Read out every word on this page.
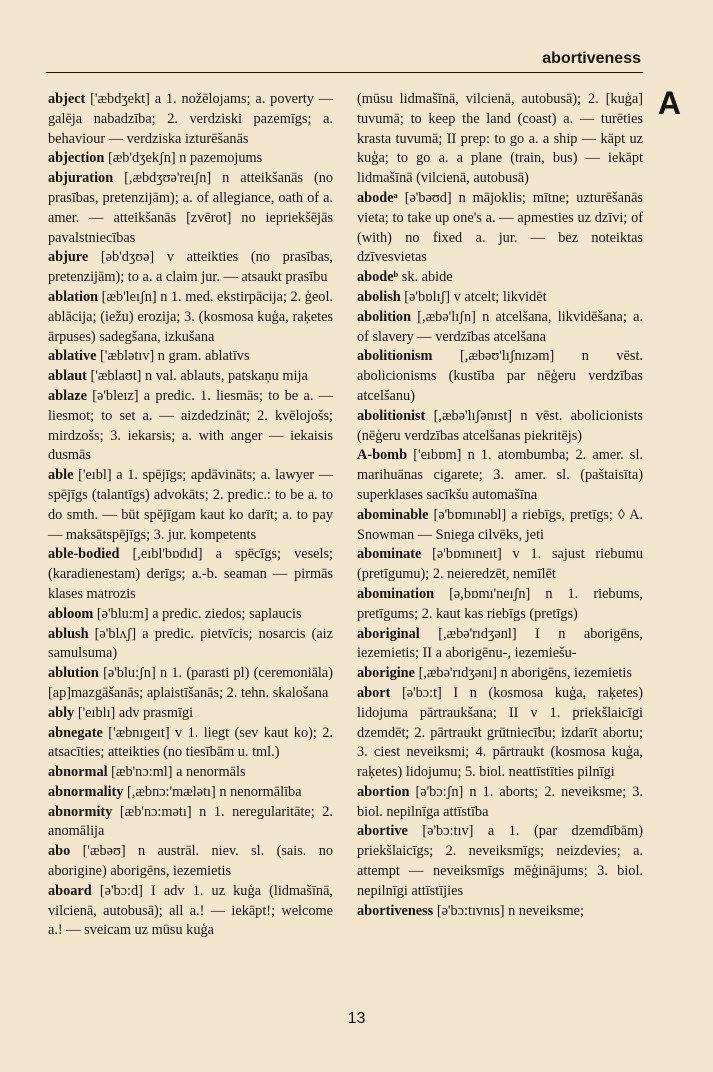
abortiveness
A

abject ['æbdʒekt] a 1. nožēlojams; a. poverty — galēja nabadzība; 2. verdziski pazemīgs; a. behaviour — verdziska izturēšanās

abjection [æb'dʒekʃn] n pazemojums

abjuration [,æbdʒʊə'reıʃn] n atteikšanās (no prasības, pretenzijām); a. of allegiance, oath of a. amer. — atteikšanās [zvērot] no iepriekšējās pavalstniecības

abjure [əb'dʒʊə] v atteikties (no prasības, pretenzijām); to a. a claim jur. — atsaukt prasību

ablation [æb'leıʃn] n 1. med. ekstirpācija; 2. ģeol. ablācija; (iežu) erozija; 3. (kosmosa kuģa, raķetes ārpuses) sadegšana, izkušana

ablative ['æblətıv] n gram. ablatīvs

ablaut ['æblaʊt] n val. ablauts, patskaņu mija

ablaze [ə'bleız] a predic. 1. liesmās; to be a. — liesmot; to set a. — aizdedzināt; 2. kvēlojošs; mirdzošs; 3. iekarsis; a. with anger — iekaisis dusmās

able ['eıbl] a 1. spējīgs; apdāvināts; a. lawyer — spējīgs (talantīgs) advokāts; 2. predic.: to be a. to do smth. — būt spējīgam kaut ko darīt; a. to pay — maksātspējīgs; 3. jur. kompetents

able-bodied [,eıbl'bɒdıd] a spēcīgs; vesels; (karadienestam) derīgs; a.-b. seaman — pirmās klases matrozis

abloom [ə'blu:m] a predic. ziedos; saplaucis

ablush [ə'blʌʃ] a predic. pietvīcis; nosarcis (aiz samulsuma)

ablution [ə'blu:ʃn] n 1. (parasti pl) (ceremoniāla) [ap]mazgāšanās; aplaistīšanās; 2. tehn. skalošana

ably ['eıblı] adv prasmīgi

abnegate ['æbnıgeıt] v 1. liegt (sev kaut ko); 2. atsacīties; atteikties (no tiesībām u. tml.)

abnormal [æb'nɔ:ml] a nenormāls

abnormality [,æbnɔ:'mælətı] n nenormālība

abnormity [æb'nɔ:mətı] n 1. neregularitāte; 2. anomālija

abo ['æbəʊ] n austrāl. niev. sl. (sais. no aborigine) aborigēns, iezemietis

aboard [ə'bɔ:d] I adv 1. uz kuģa (lidmašīnā, vilcienā, autobusā); all a.! — iekāpt!; welcome a.! — sveicam uz mūsu kuģa

(mūsu lidmašīnā, vilcienā, autobusā); 2. [kuģa] tuvumā; to keep the land (coast) a. — turēties krasta tuvumā; II prep: to go a. a ship — kāpt uz kuģa; to go a. a plane (train, bus) — iekāpt lidmašīnā (vilcienā, autobusā)

abodeᵃ [ə'bəʊd] n mājoklis; mītne; uzturēšanās vieta; to take up one's a. — apmesties uz dzīvi; of (with) no fixed a. jur. — bez noteiktas dzīvesvietas

abodeᵇ sk. abide

abolish [ə'bɒlıʃ] v atcelt; likvidēt

abolition [,æbə'lıʃn] n atcelšana, likvidēšana; a. of slavery — verdzības atcelšana

abolitionism [,æbəʊ'lıʃnızəm] n vēst. abolicionisms (kustība par nēģeru verdzības atcelšanu)

abolitionist [,æbə'lıʃənıst] n vēst. abolicionists (nēģeru verdzības atcelšanas piekritējs)

A-bomb ['eıbɒm] n 1. atombumba; 2. amer. sl. marihuānas cigarete; 3. amer. sl. (paštaisīta) superklases sacīkšu automašīna

abominable [ə'bɒmınəbl] a riebīgs, pretīgs; ◊ A. Snowman — Sniega cilvēks, jeti

abominate [ə'bɒmıneıt] v 1. sajust riebumu (pretīgumu); 2. neieredzēt, nemīlēt

abomination [ə,bɒmı'neıʃn] n 1. riebums, pretīgums; 2. kaut kas riebīgs (pretīgs)

aboriginal [,æbə'rıdʒənl] I n aborigēns, iezemietis; II a aborigēnu-, iezemiešu-

aborigine [,æbə'rıdʒənı] n aborigēns, iezemietis

abort [ə'bɔ:t] I n (kosmosa kuģa, raķetes) lidojuma pārtraukšana; II v 1. priekšlaicīgi dzemdēt; 2. pārtraukt grūtniecību; izdarīt abortu; 3. ciest neveiksmi; 4. pārtraukt (kosmosa kuģa, raķetes) lidojumu; 5. biol. neattīstīties pilnīgi

abortion [ə'bɔ:ʃn] n 1. aborts; 2. neveiksme; 3. biol. nepilnīga attīstība

abortive [ə'bɔ:tıv] a 1. (par dzemdībām) priekšlaicīgs; 2. neveiksmīgs; neizdevies; a. attempt — neveiksmīgs mēģinājums; 3. biol. nepilnīgi attīstījies

abortiveness [ə'bɔ:tıvnıs] n neveiksme;

13
